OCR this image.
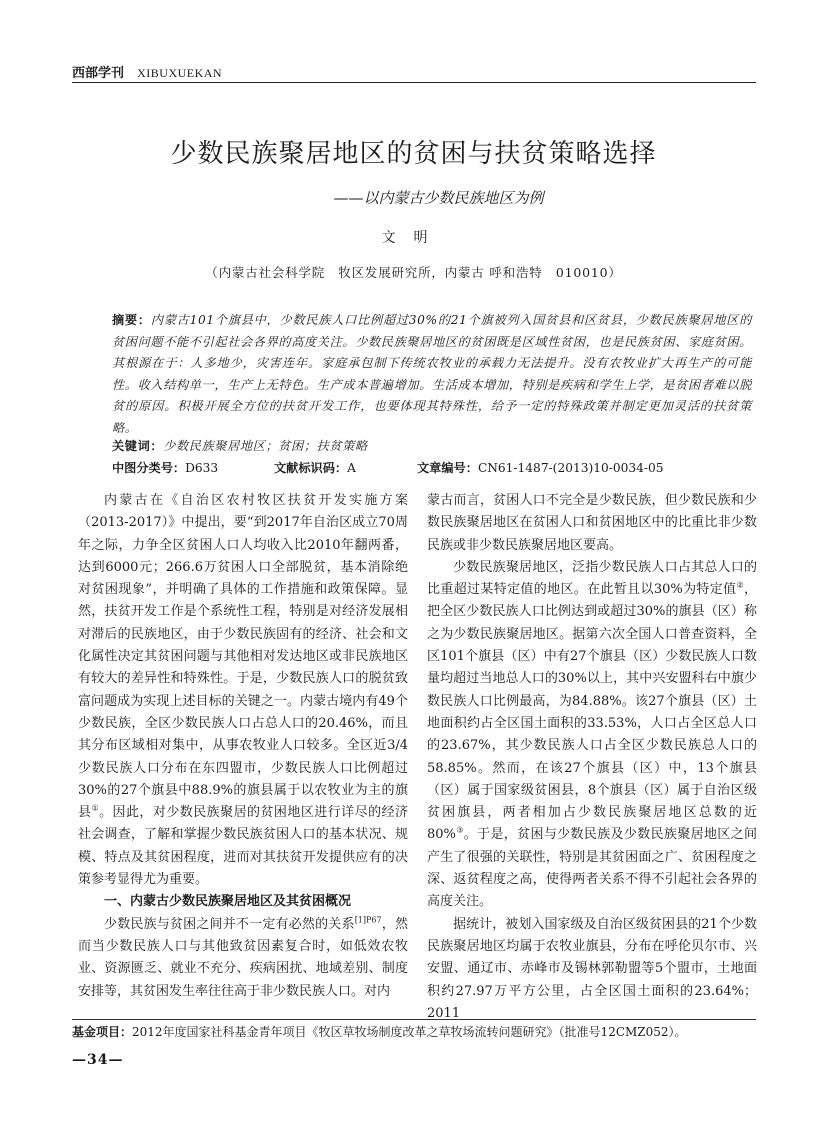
西部学刊 XIBUXUEKAN
少数民族聚居地区的贫困与扶贫策略选择
——以内蒙古少数民族地区为例
文明
（内蒙古社会科学院　牧区发展研究所，内蒙古 呼和浩特　010010）
摘要：内蒙古101个旗县中，少数民族人口比例超过30%的21个旗被列入国贫县和区贫县，少数民族聚居地区的贫困问题不能不引起社会各界的高度关注。少数民族聚居地区的贫困既是区域性贫困，也是民族贫困、家庭贫困。其根源在于：人多地少，灾害连年。家庭承包制下传统农牧业的承载力无法提升。没有农牧业扩大再生产的可能性。收入结构单一，生产上无特色。生产成本普遍增加。生活成本增加，特别是疾病和学生上学，是贫困者难以脱贫的原因。积极开展全方位的扶贫开发工作，也要体现其特殊性，给予一定的特殊政策并制定更加灵活的扶贫策略。
关键词：少数民族聚居地区；贫困；扶贫策略
中图分类号：D633	文献标识码：A	文章编号：CN61-1487-(2013)10-0034-05

内蒙古在《自治区农村牧区扶贫开发实施方案（2013-2017）》中提出，要“到2017年自治区成立70周年之际，力争全区贫困人口人均收入比2010年翻两番，达到6000元；266.6万贫困人口全部脱贫，基本消除绝对贫困现象”，并明确了具体的工作措施和政策保障。显然，扶贫开发工作是个系统性工程，特别是对经济发展相对滞后的民族地区，由于少数民族固有的经济、社会和文化属性决定其贫困问题与其他相对发达地区或非民族地区有较大的差异性和特殊性。于是，少数民族人口的脱贫致富问题成为实现上述目标的关键之一。内蒙古境内有49个少数民族，全区少数民族人口占总人口的20.46%，而且其分布区域相对集中，从事农牧业人口较多。全区近3/4少数民族人口分布在东四盟市，少数民族人口比例超过30%的27个旗县中88.9%的旗县属于以农牧业为主的旗县①。因此，对少数民族聚居的贫困地区进行详尽的经济社会调查，了解和掌握少数民族贫困人口的基本状况、规模、特点及其贫困程度，进而对其扶贫开发提供应有的决策参考显得尤为重要。

一、内蒙古少数民族聚居地区及其贫困概况

少数民族与贫困之间并不一定有必然的关系$^{[1]P67}$，然而当少数民族人口与其他致贫因素复合时，如低效农牧业、资源匮乏、就业不充分、疾病困扰、地域差别、制度安排等，其贫困发生率往往高于非少数民族人口。对内

蒙古而言，贫困人口不完全是少数民族，但少数民族和少数民族聚居地区在贫困人口和贫困地区中的比重比非少数民族或非少数民族聚居地区要高。

少数民族聚居地区，泛指少数民族人口占其总人口的比重超过某特定值的地区。在此暂且以30%为特定值②，把全区少数民族人口比例达到或超过30%的旗县（区）称之为少数民族聚居地区。据第六次全国人口普查资料，全区101个旗县（区）中有27个旗县（区）少数民族人口数量均超过当地总人口的30%以上，其中兴安盟科右中旗少数民族人口比例最高，为84.88%。该27个旗县（区）土地面积约占全区国土面积的33.53%，人口占全区总人口的23.67%，其少数民族人口占全区少数民族总人口的58.85%。然而，在该27个旗县（区）中，13个旗县（区）属于国家级贫困县，8个旗县（区）属于自治区级贫困旗县，两者相加占少数民族聚居地区总数的近80%③。于是，贫困与少数民族及少数民族聚居地区之间产生了很强的关联性，特别是其贫困面之广、贫困程度之深、返贫程度之高，使得两者关系不得不引起社会各界的高度关注。

据统计，被划入国家级及自治区级贫困县的21个少数民族聚居地区均属于农牧业旗县，分布在呼伦贝尔市、兴安盟、通辽市、赤峰市及锡林郭勒盟等5个盟市，土地面积约27.97万平方公里，占全区国土面积的23.64%；2011

基金项目：2012年度国家社科基金青年项目《牧区草牧场制度改革之草牧场流转问题研究》（批准号12CMZ052）。
—34—
